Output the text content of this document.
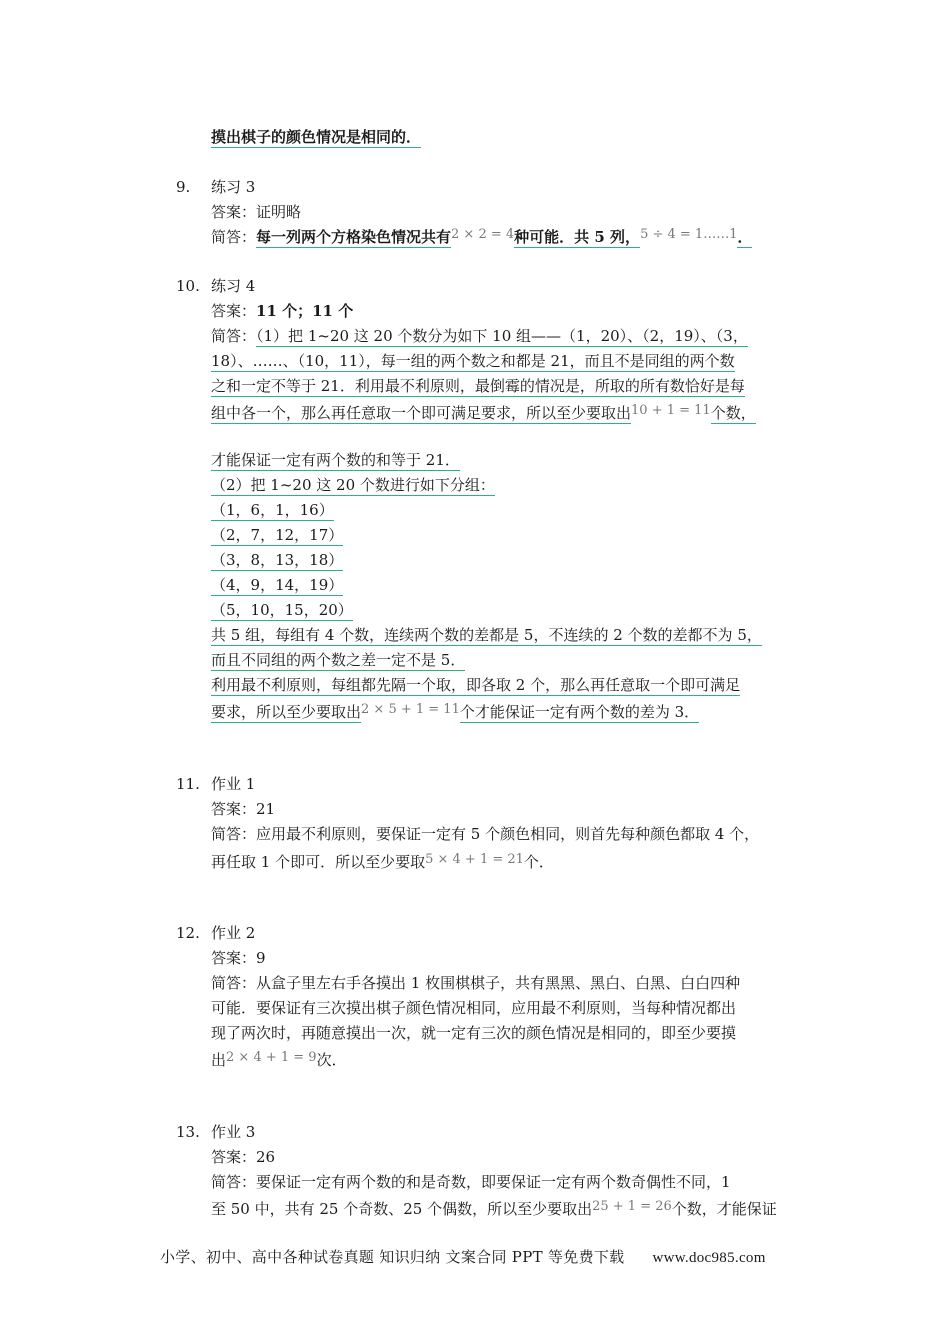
摸出棋子的颜色情况是相同的．
9. 练习 3
答案：证明略
简答：每一列两个方格染色情况共有2 × 2 = 4种可能．共 5 列，5 ÷ 4 = 1……1．
10. 练习 4
答案：11 个；11 个
简答：（1）把 1~20 这 20 个数分为如下 10 组——（1，20）、（2，19）、（3，
18）、……、（10，11），每一组的两个数之和都是 21，而且不是同组的两个数
之和一定不等于 21．利用最不利原则，最倒霉的情况是，所取的所有数恰好是每
组中各一个，那么再任意取一个即可满足要求，所以至少要取出10 + 1 = 11个数，
才能保证一定有两个数的和等于 21．
（2）把 1~20 这 20 个数进行如下分组：
（1，6，1，16）
（2，7，12，17）
（3，8，13，18）
（4，9，14，19）
（5，10，15，20）
共 5 组，每组有 4 个数，连续两个数的差都是 5，不连续的 2 个数的差都不为 5，
而且不同组的两个数之差一定不是 5．
利用最不利原则，每组都先隔一个取，即各取 2 个，那么再任意取一个即可满足
要求，所以至少要取出2 × 5 + 1 = 11个才能保证一定有两个数的差为 3．
11. 作业 1
答案：21
简答：应用最不利原则，要保证一定有 5 个颜色相同，则首先每种颜色都取 4 个，
再任取 1 个即可．所以至少要取5 × 4 + 1 = 21个．
12. 作业 2
答案：9
简答：从盒子里左右手各摸出 1 枚围棋棋子，共有黑黑、黑白、白黑、白白四种
可能．要保证有三次摸出棋子颜色情况相同，应用最不利原则，当每种情况都出
现了两次时，再随意摸出一次，就一定有三次的颜色情况是相同的，即至少要摸
出2 × 4 + 1 = 9次．
13. 作业 3
答案：26
简答：要保证一定有两个数的和是奇数，即要保证一定有两个数奇偶性不同，1
至 50 中，共有 25 个奇数、25 个偶数，所以至少要取出25 + 1 = 26个数，才能保证
小学、初中、高中各种试卷真题 知识归纳 文案合同 PPT 等免费下载 www.doc985.com
